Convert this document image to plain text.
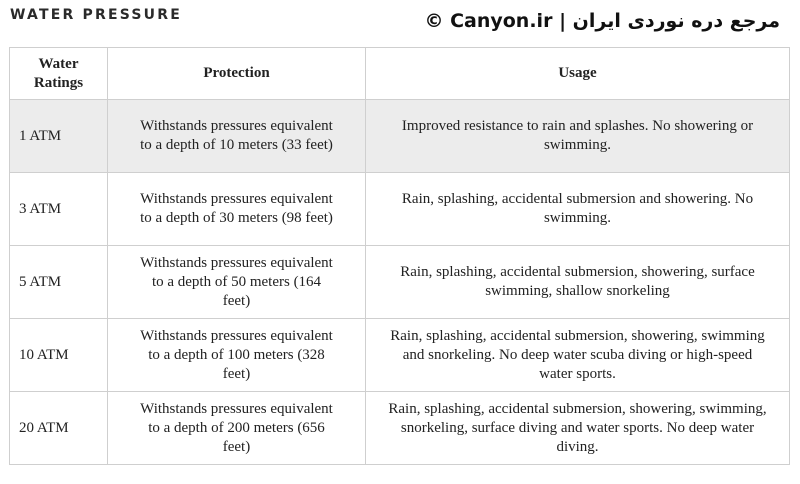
WATER PRESSURE	© Canyon.ir | مرجع دره نوردی ایران
Water
Ratings	Protection	Usage
1 ATM	Withstands pressures equivalent to a depth of 10 meters (33 feet)	Improved resistance to rain and splashes. No showering or swimming.
3 ATM	Withstands pressures equivalent to a depth of 30 meters (98 feet)	Rain, splashing, accidental submersion and showering. No swimming.
5 ATM	Withstands pressures equivalent to a depth of 50 meters (164 feet)	Rain, splashing, accidental submersion, showering, surface swimming, shallow snorkeling
10 ATM	Withstands pressures equivalent to a depth of 100 meters (328 feet)	Rain, splashing, accidental submersion, showering, swimming and snorkeling. No deep water scuba diving or high-speed water sports.
20 ATM	Withstands pressures equivalent to a depth of 200 meters (656 feet)	Rain, splashing, accidental submersion, showering, swimming, snorkeling, surface diving and water sports. No deep water diving.
